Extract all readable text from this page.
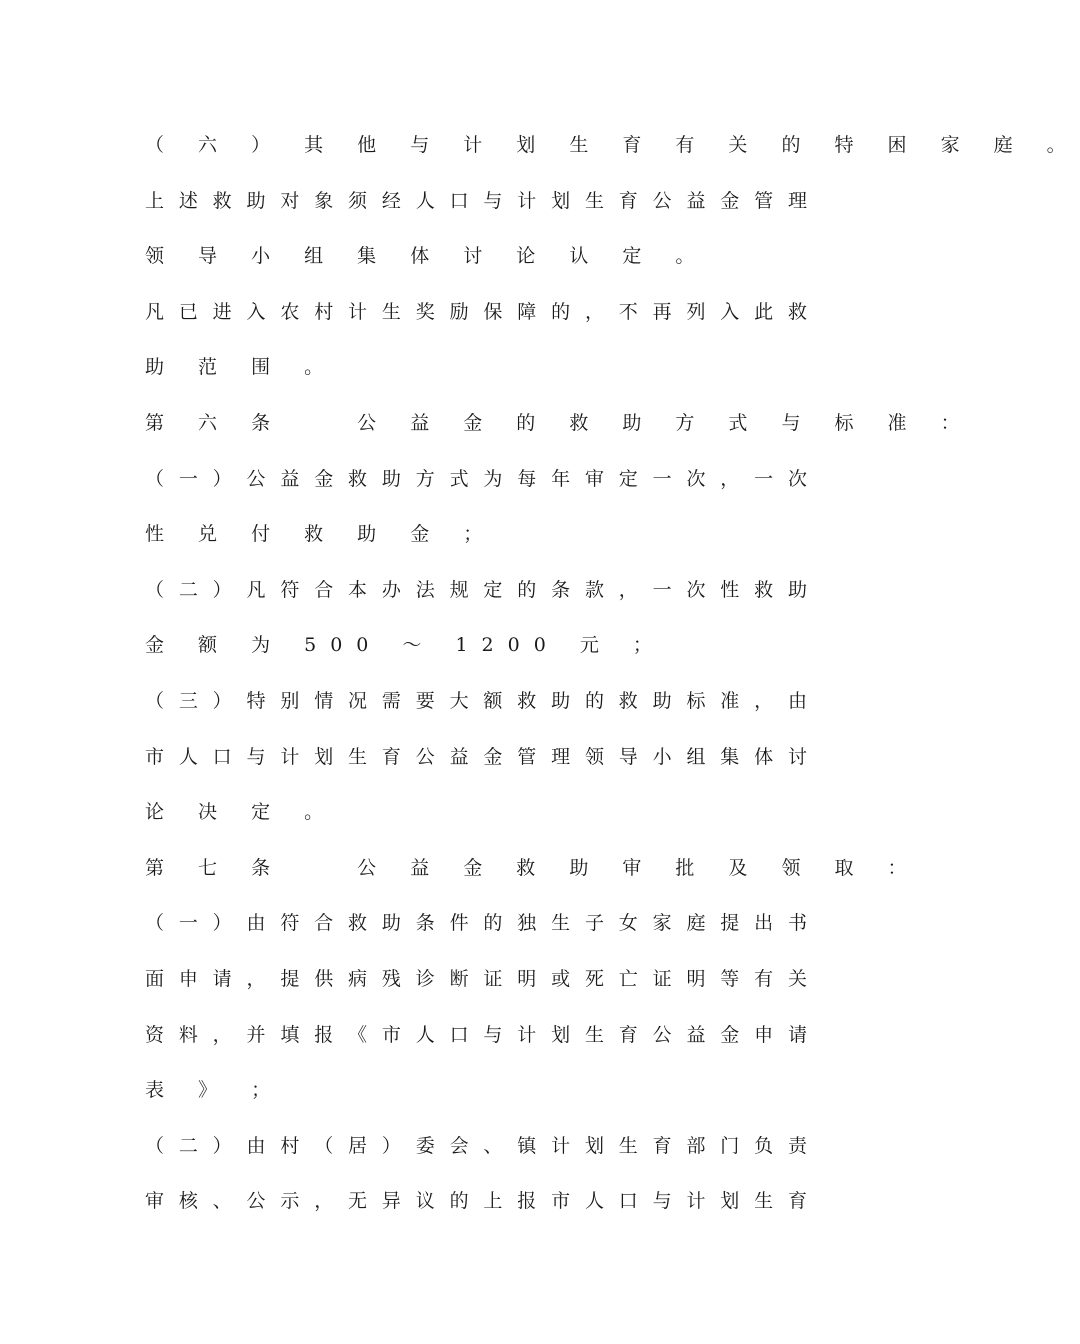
（ 六 ） 其 他 与 计 划 生 育 有 关 的 特 困 家 庭 。

上 述 救 助 对 象 须 经 人 口 与 计 划 生 育 公 益 金 管 理

领 导 小 组 集 体 讨 论 认 定 。

凡 已 进 入 农 村 计 生 奖 励 保 障 的 ， 不 再 列 入 此 救

助 范 围 。

第 六 条 　 公 益 金 的 救 助 方 式 与 标 准 ：

（ 一 ） 公 益 金 救 助 方 式 为 每 年 审 定 一 次 ， 一 次

性 兑 付 救 助 金 ；

（ 二 ） 凡 符 合 本 办 法 规 定 的 条 款 ， 一 次 性 救 助

金 额 为 500 ～ 1200 元 ；

（ 三 ） 特 别 情 况 需 要 大 额 救 助 的 救 助 标 准 ， 由

市 人 口 与 计 划 生 育 公 益 金 管 理 领 导 小 组 集 体 讨

论 决 定 。

第 七 条 　 公 益 金 救 助 审 批 及 领 取 ：

（ 一 ） 由 符 合 救 助 条 件 的 独 生 子 女 家 庭 提 出 书

面 申 请 ， 提 供 病 残 诊 断 证 明 或 死 亡 证 明 等 有 关

资 料 ， 并 填 报 《 市 人 口 与 计 划 生 育 公 益 金 申 请

表 》 ；

（ 二 ） 由 村 （ 居 ） 委 会 、 镇 计 划 生 育 部 门 负 责

审 核 、 公 示 ， 无 异 议 的 上 报 市 人 口 与 计 划 生 育
